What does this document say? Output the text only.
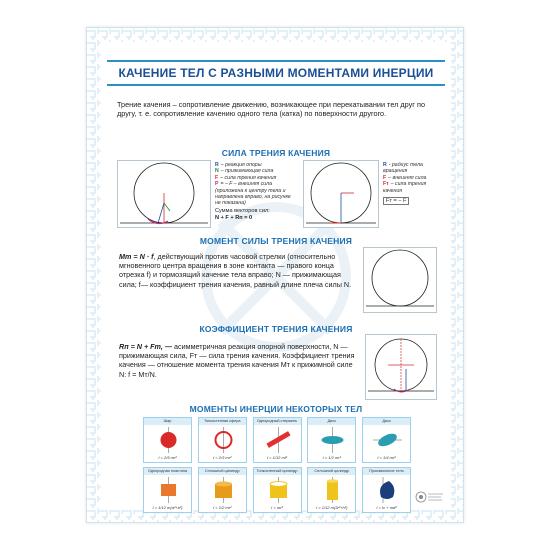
КАЧЕНИЕ ТЕЛ С РАЗНЫМИ МОМЕНТАМИ ИНЕРЦИИ
Трение качения – сопротивление движению, возникающее при перекатывании тел друг по другу, т. е. сопротивление качению одного тела (катка) по поверхности другого.
СИЛА ТРЕНИЯ КАЧЕНИЯ
R – реакция опоры
N – прижимающая сила
F – сила трения качения
P = – F – внешняя сила (приложена к центру тела и направлена вправо, на рисунке не показана)
Сумма векторов сил:
N + F + Rп = 0
R - радиус тела вращения
F – внешняя сила
Fт – сила трения качения
Fт = – F
МОМЕНТ СИЛЫ ТРЕНИЯ КАЧЕНИЯ
Mт = N · f, действующий против часовой стрелки (относительно мгновенного центра вращения в зоне контакта — правого конца отрезка f) и тормозящий качение тела вправо; N — прижимающая сила; f— коэффициент трения качения, равный длине плеча силы N.
КОЭФФИЦИЕНТ ТРЕНИЯ КАЧЕНИЯ
Rп = N + Fт, — асимметричная реакция опорной поверхности, N — прижимающая сила, Fт — сила трения качения. Коэффициент трения качения — отношение момента трения качения Mт к прижимной силе N: f = Mт/N.
МОМЕНТЫ ИНЕРЦИИ НЕКОТОРЫХ ТЕЛ
Шар
I = 2/5 mr²
Тонкостенная сфера
I = 2/3 mr²
Однородный стержень
I = 1/12 ml²
Диск
I = 1/2 mr²
Диск
I = 1/4 mr²
Однородная пластина
I = 1/12 m(a²+b²)
Сплошной цилиндр
I = 1/2 mr²
Тонкостенный цилиндр
I = mr²
Сплошной цилиндр
I = 1/12 m(3r²+h²)
Произвольное тело
I = Iс + md²
